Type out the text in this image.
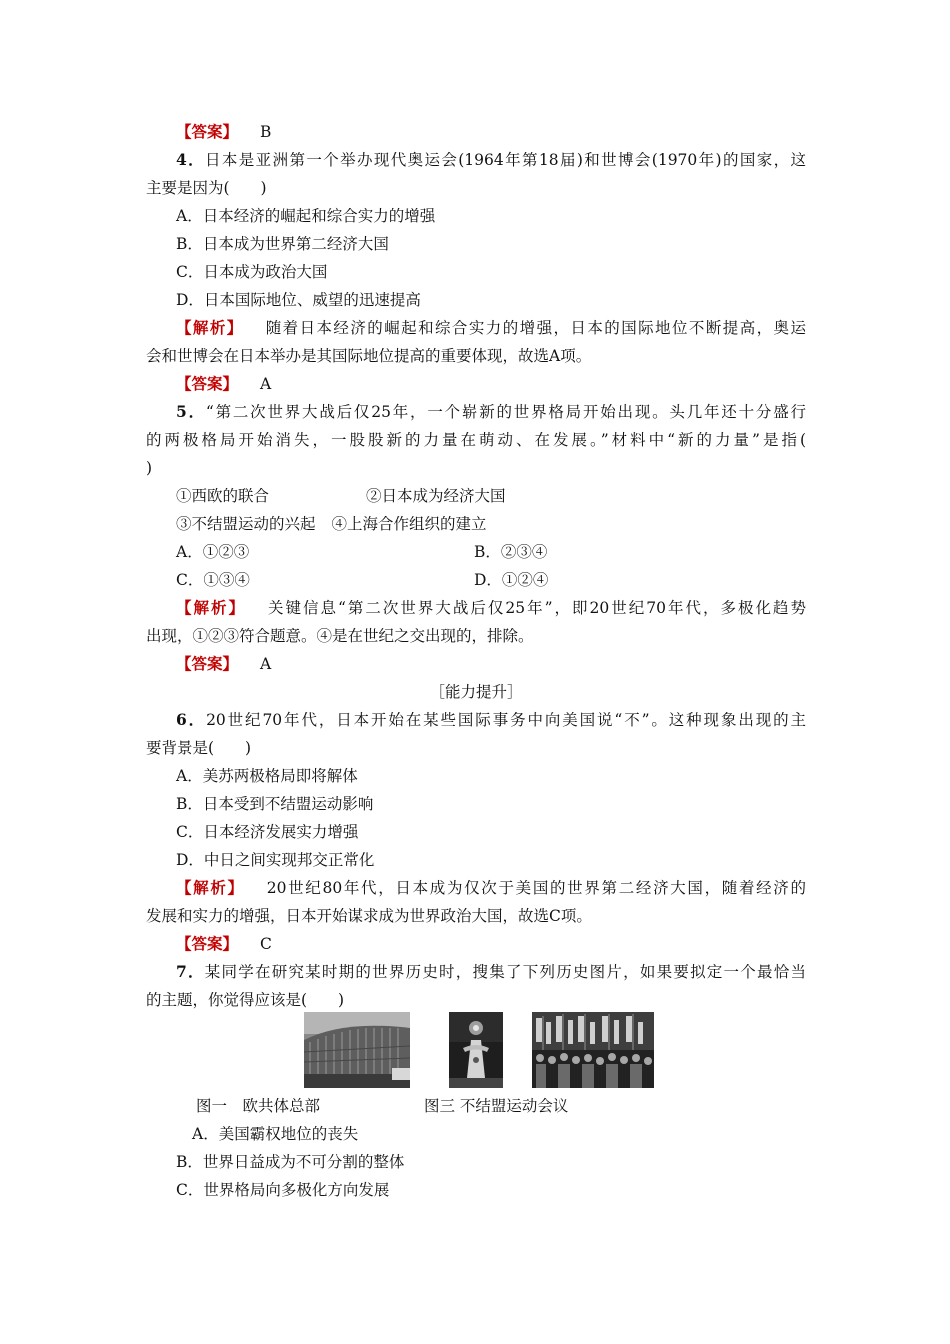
【答案】 B
4．日本是亚洲第一个举办现代奥运会(1964年第18届)和世博会(1970年)的国家，这
主要是因为(　　)
A．日本经济的崛起和综合实力的增强
B．日本成为世界第二经济大国
C．日本成为政治大国
D．日本国际地位、威望的迅速提高
【解析】 随着日本经济的崛起和综合实力的增强，日本的国际地位不断提高，奥运
会和世博会在日本举办是其国际地位提高的重要体现，故选A项。
【答案】 A
5．“第二次世界大战后仅25年，一个崭新的世界格局开始出现。头几年还十分盛行
的两极格局开始消失，一股股新的力量在萌动、在发展。”材料中“新的力量”是指(
)
①西欧的联合	②日本成为经济大国
③不结盟运动的兴起 ④上海合作组织的建立
A．①②③	B．②③④
C．①③④	D．①②④
【解析】 关键信息“第二次世界大战后仅25年”，即20世纪70年代，多极化趋势
出现，①②③符合题意。④是在世纪之交出现的，排除。
【答案】 A
［能力提升］
6．20世纪70年代，日本开始在某些国际事务中向美国说“不”。这种现象出现的主
要背景是(　　)
A．美苏两极格局即将解体
B．日本受到不结盟运动影响
C．日本经济发展实力增强
D．中日之间实现邦交正常化
【解析】 20世纪80年代，日本成为仅次于美国的世界第二经济大国，随着经济的
发展和实力的增强，日本开始谋求成为世界政治大国，故选C项。
【答案】 C
7．某同学在研究某时期的世界历史时，搜集了下列历史图片，如果要拟定一个最恰当
的主题，你觉得应该是(　　)
图一　欧共体总部	图三 不结盟运动会议
A．美国霸权地位的丧失
B．世界日益成为不可分割的整体
C．世界格局向多极化方向发展
